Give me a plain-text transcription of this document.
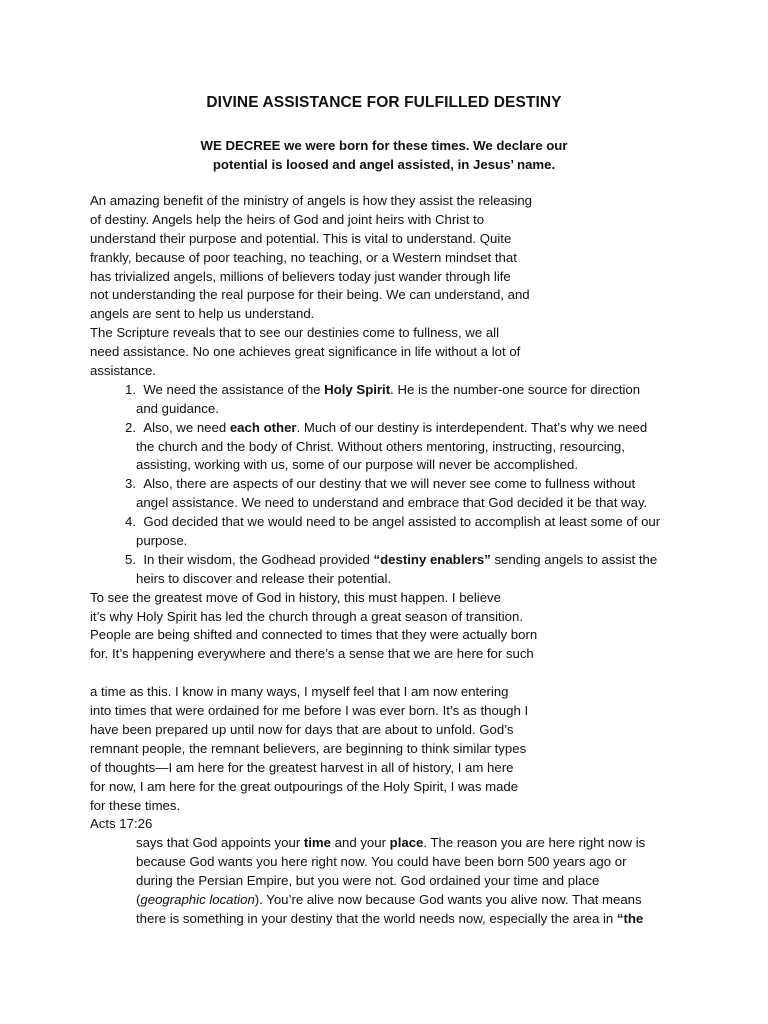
DIVINE ASSISTANCE FOR FULFILLED DESTINY
WE DECREE we were born for these times. We declare our
potential is loosed and angel assisted, in Jesus’ name.
An amazing benefit of the ministry of angels is how they assist the releasing
of destiny. Angels help the heirs of God and joint heirs with Christ to
understand their purpose and potential. This is vital to understand. Quite
frankly, because of poor teaching, no teaching, or a Western mindset that
has trivialized angels, millions of believers today just wander through life
not understanding the real purpose for their being. We can understand, and
angels are sent to help us understand.
The Scripture reveals that to see our destinies come to fullness, we all
need assistance. No one achieves great significance in life without a lot of
assistance.
1. We need the assistance of the Holy Spirit. He is the number-one source for direction
and guidance.
2. Also, we need each other. Much of our destiny is interdependent. That’s why we need
the church and the body of Christ. Without others mentoring, instructing, resourcing,
assisting, working with us, some of our purpose will never be accomplished.
3. Also, there are aspects of our destiny that we will never see come to fullness without
angel assistance. We need to understand and embrace that God decided it be that way.
4. God decided that we would need to be angel assisted to accomplish at least some of our
purpose.
5. In their wisdom, the Godhead provided “destiny enablers” sending angels to assist the
heirs to discover and release their potential.
To see the greatest move of God in history, this must happen. I believe
it’s why Holy Spirit has led the church through a great season of transition.
People are being shifted and connected to times that they were actually born
for. It’s happening everywhere and there’s a sense that we are here for such
a time as this. I know in many ways, I myself feel that I am now entering
into times that were ordained for me before I was ever born. It’s as though I
have been prepared up until now for days that are about to unfold. God’s
remnant people, the remnant believers, are beginning to think similar types
of thoughts—I am here for the greatest harvest in all of history, I am here
for now, I am here for the great outpourings of the Holy Spirit, I was made
for these times.
Acts 17:26
says that God appoints your time and your place. The reason you are here right now is
because God wants you here right now. You could have been born 500 years ago or
during the Persian Empire, but you were not. God ordained your time and place
(geographic location). You’re alive now because God wants you alive now. That means
there is something in your destiny that the world needs now, especially the area in “the
